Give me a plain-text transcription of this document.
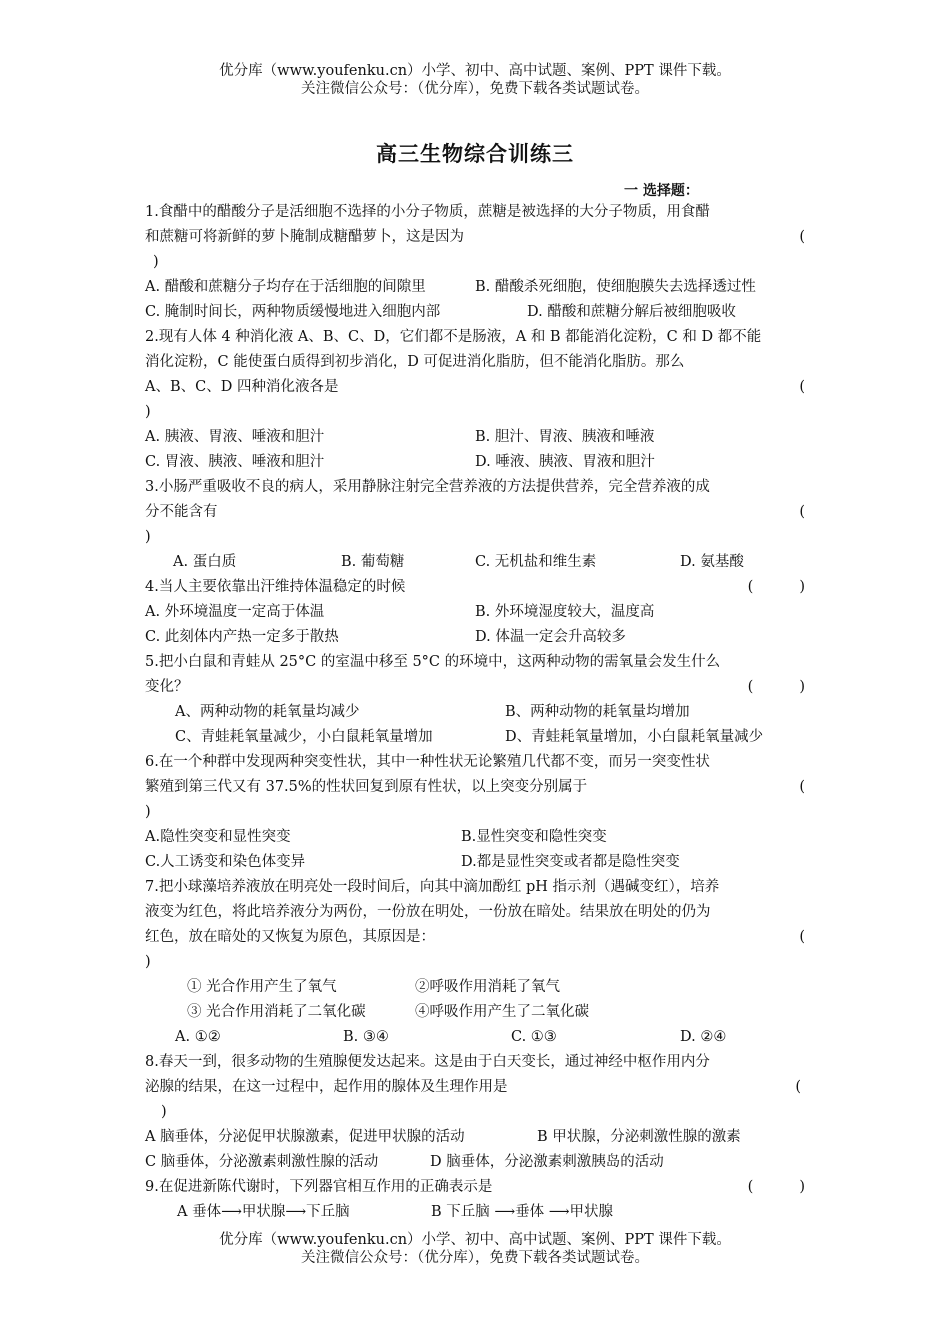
优分库（www.youfenku.cn）小学、初中、高中试题、案例、PPT 课件下载。
关注微信公众号：（优分库），免费下载各类试题试卷。
高三生物综合训练三
一 选择题：
1.食醋中的醋酸分子是活细胞不选择的小分子物质，蔗糖是被选择的大分子物质，用食醋
和蔗糖可将新鲜的萝卜腌制成糖醋萝卜，这是因为	(
)
A. 醋酸和蔗糖分子均存在于活细胞的间隙里	B. 醋酸杀死细胞，使细胞膜失去选择透过性
C. 腌制时间长，两种物质缓慢地进入细胞内部	D. 醋酸和蔗糖分解后被细胞吸收
2.现有人体 4 种消化液 A、B、C、D，它们都不是肠液，A 和 B 都能消化淀粉，C 和 D 都不能
消化淀粉，C 能使蛋白质得到初步消化，D 可促进消化脂肪，但不能消化脂肪。那么
A、B、C、D 四种消化液各是	(
)
A. 胰液、胃液、唾液和胆汁	B. 胆汁、胃液、胰液和唾液
C. 胃液、胰液、唾液和胆汁	D. 唾液、胰液、胃液和胆汁
3.小肠严重吸收不良的病人，采用静脉注射完全营养液的方法提供营养，完全营养液的成
分不能含有	(
)
A. 蛋白质	B. 葡萄糖	C. 无机盐和维生素	D. 氨基酸
4.当人主要依靠出汗维持体温稳定的时候	(          )
A. 外环境温度一定高于体温	B. 外环境湿度较大，温度高
C. 此刻体内产热一定多于散热	D. 体温一定会升高较多
5.把小白鼠和青蛙从 25°C 的室温中移至 5°C 的环境中，这两种动物的需氧量会发生什么
变化？	(          )
A、两种动物的耗氧量均减少	B、两种动物的耗氧量均增加
C、青蛙耗氧量减少，小白鼠耗氧量增加	D、青蛙耗氧量增加，小白鼠耗氧量减少
6.在一个种群中发现两种突变性状，其中一种性状无论繁殖几代都不变，而另一突变性状
繁殖到第三代又有 37.5%的性状回复到原有性状，以上突变分别属于	(
)
A.隐性突变和显性突变	B.显性突变和隐性突变
C.人工诱变和染色体变异	D.都是显性突变或者都是隐性突变
7.把小球藻培养液放在明亮处一段时间后，向其中滴加酚红 pH 指示剂（遇碱变红），培养
液变为红色，将此培养液分为两份，一份放在明处，一份放在暗处。结果放在明处的仍为
红色，放在暗处的又恢复为原色，其原因是：	(
)
① 光合作用产生了氧气	②呼吸作用消耗了氧气
③ 光合作用消耗了二氧化碳	④呼吸作用产生了二氧化碳
A. ①②	B. ③④	C. ①③	D. ②④
8.春天一到，很多动物的生殖腺便发达起来。这是由于白天变长，通过神经中枢作用内分
泌腺的结果，在这一过程中，起作用的腺体及生理作用是	(
)
A 脑垂体，分泌促甲状腺激素，促进甲状腺的活动	B 甲状腺，分泌刺激性腺的激素
C 脑垂体，分泌激素刺激性腺的活动	D 脑垂体，分泌激素刺激胰岛的活动
9.在促进新陈代谢时，下列器官相互作用的正确表示是	(          )
A 垂体⟶甲状腺⟶下丘脑	B 下丘脑 ⟶垂体 ⟶甲状腺
优分库（www.youfenku.cn）小学、初中、高中试题、案例、PPT 课件下载。
关注微信公众号：（优分库），免费下载各类试题试卷。
